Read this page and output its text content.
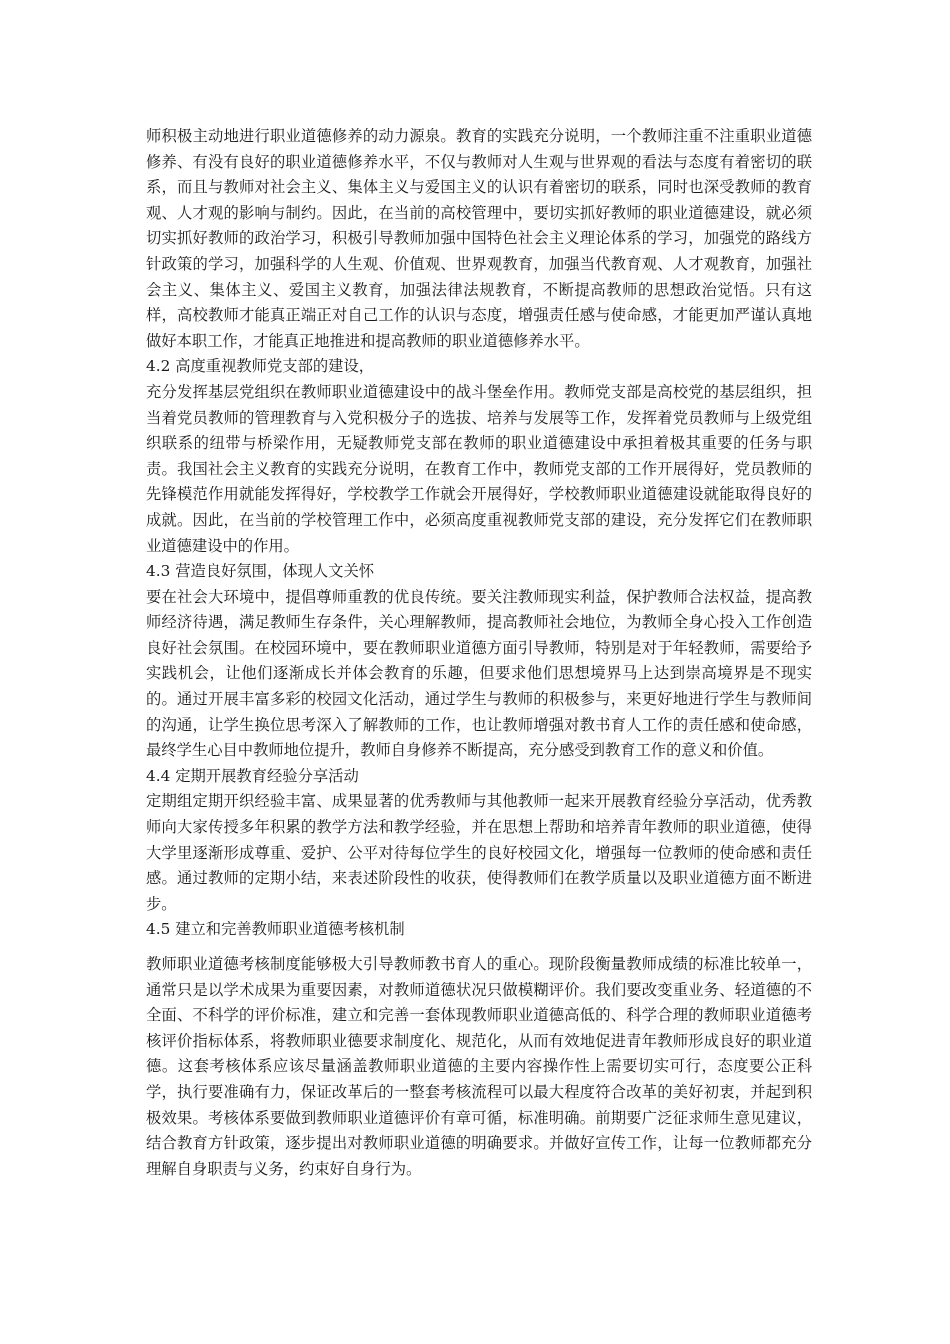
师积极主动地进行职业道德修养的动力源泉。教育的实践充分说明，一个教师注重不注重职业道德修养、有没有良好的职业道德修养水平，不仅与教师对人生观与世界观的看法与态度有着密切的联系，而且与教师对社会主义、集体主义与爱国主义的认识有着密切的联系，同时也深受教师的教育观、人才观的影响与制约。因此，在当前的高校管理中，要切实抓好教师的职业道德建设，就必须切实抓好教师的政治学习，积极引导教师加强中国特色社会主义理论体系的学习，加强党的路线方针政策的学习，加强科学的人生观、价值观、世界观教育，加强当代教育观、人才观教育，加强社会主义、集体主义、爱国主义教育，加强法律法规教育，不断提高教师的思想政治觉悟。只有这样，高校教师才能真正端正对自己工作的认识与态度，增强责任感与使命感，才能更加严谨认真地做好本职工作，才能真正地推进和提高教师的职业道德修养水平。

4.2 高度重视教师党支部的建设，

充分发挥基层党组织在教师职业道德建设中的战斗堡垒作用。教师党支部是高校党的基层组织，担当着党员教师的管理教育与入党积极分子的选拔、培养与发展等工作，发挥着党员教师与上级党组织联系的纽带与桥梁作用，无疑教师党支部在教师的职业道德建设中承担着极其重要的任务与职责。我国社会主义教育的实践充分说明，在教育工作中，教师党支部的工作开展得好，党员教师的先锋模范作用就能发挥得好，学校教学工作就会开展得好，学校教师职业道德建设就能取得良好的成就。因此，在当前的学校管理工作中，必须高度重视教师党支部的建设，充分发挥它们在教师职业道德建设中的作用。

4.3 营造良好氛围，体现人文关怀

要在社会大环境中，提倡尊师重教的优良传统。要关注教师现实利益，保护教师合法权益，提高教师经济待遇，满足教师生存条件，关心理解教师，提高教师社会地位，为教师全身心投入工作创造良好社会氛围。在校园环境中，要在教师职业道德方面引导教师，特别是对于年轻教师，需要给予实践机会，让他们逐渐成长并体会教育的乐趣，但要求他们思想境界马上达到崇高境界是不现实的。通过开展丰富多彩的校园文化活动，通过学生与教师的积极参与，来更好地进行学生与教师间的沟通，让学生换位思考深入了解教师的工作，也让教师增强对教书育人工作的责任感和使命感，最终学生心目中教师地位提升，教师自身修养不断提高，充分感受到教育工作的意义和价值。

4.4 定期开展教育经验分享活动

定期组定期开织经验丰富、成果显著的优秀教师与其他教师一起来开展教育经验分享活动，优秀教师向大家传授多年积累的教学方法和教学经验，并在思想上帮助和培养青年教师的职业道德，使得大学里逐渐形成尊重、爱护、公平对待每位学生的良好校园文化，增强每一位教师的使命感和责任感。通过教师的定期小结，来表述阶段性的收获，使得教师们在教学质量以及职业道德方面不断进步。

4.5 建立和完善教师职业道德考核机制

教师职业道德考核制度能够极大引导教师教书育人的重心。现阶段衡量教师成绩的标准比较单一，通常只是以学术成果为重要因素，对教师道德状况只做模糊评价。我们要改变重业务、轻道德的不全面、不科学的评价标准，建立和完善一套体现教师职业道德高低的、科学合理的教师职业道德考核评价指标体系，将教师职业德要求制度化、规范化，从而有效地促进青年教师形成良好的职业道德。这套考核体系应该尽量涵盖教师职业道德的主要内容操作性上需要切实可行，态度要公正科学，执行要准确有力，保证改革后的一整套考核流程可以最大程度符合改革的美好初衷，并起到积极效果。考核体系要做到教师职业道德评价有章可循，标准明确。前期要广泛征求师生意见建议，结合教育方针政策，逐步提出对教师职业道德的明确要求。并做好宣传工作，让每一位教师都充分理解自身职责与义务，约束好自身行为。
